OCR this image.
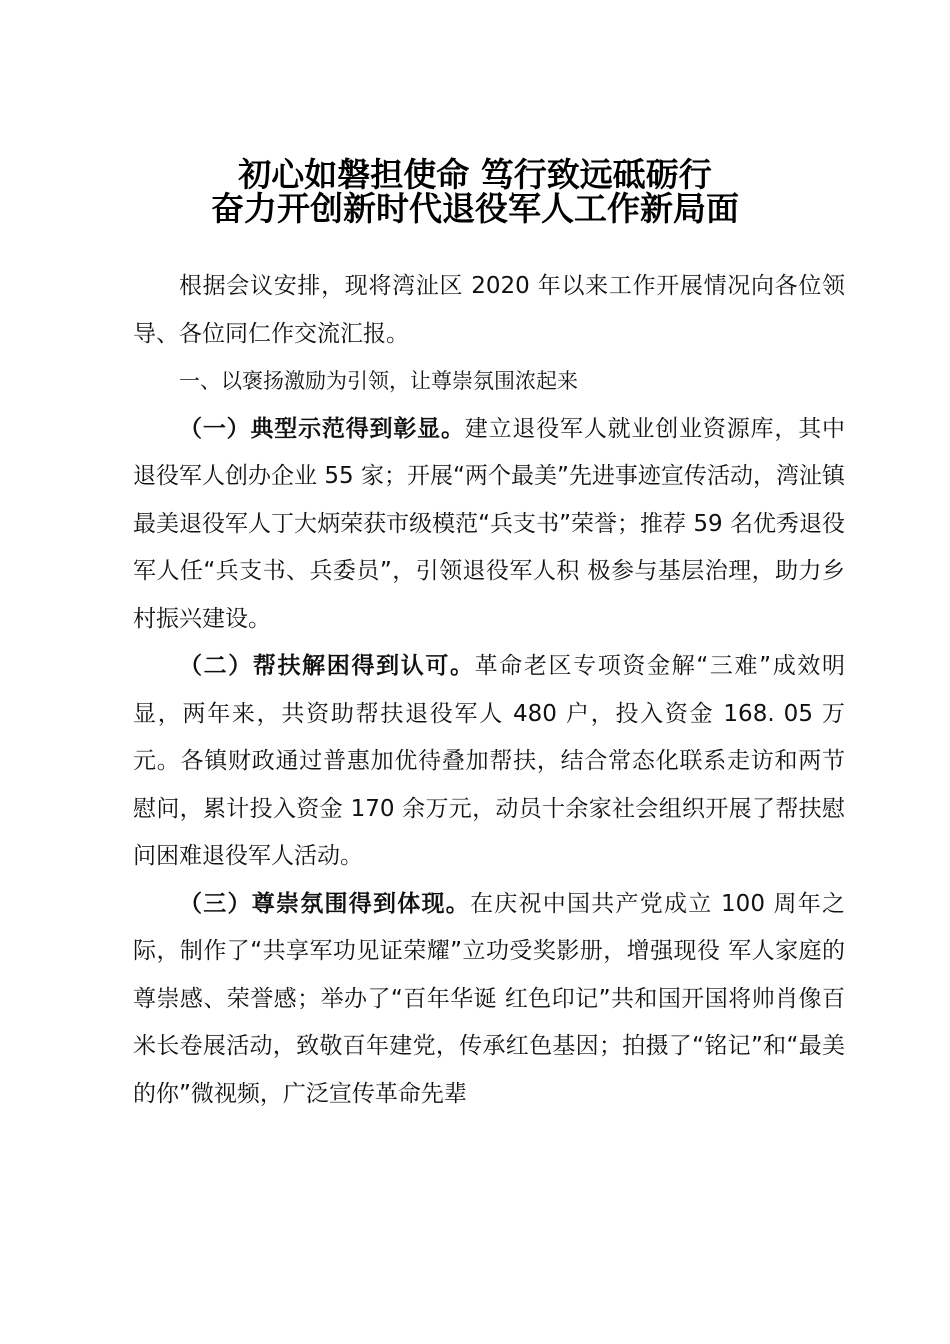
初心如磐担使命 笃行致远砥砺行
奋力开创新时代退役军人工作新局面

根据会议安排，现将湾沚区 2020 年以来工作开展情况向各位领导、各位同仁作交流汇报。

一、以褒扬激励为引领，让尊崇氛围浓起来

（一）典型示范得到彰显。建立退役军人就业创业资源库，其中退役军人创办企业 55 家；开展“两个最美”先进事迹宣传活动，湾沚镇最美退役军人丁大炳荣获市级模范“兵支书”荣誉；推荐 59 名优秀退役军人任“兵支书、兵委员”，引领退役军人积 极参与基层治理，助力乡村振兴建设。

（二）帮扶解困得到认可。革命老区专项资金解“三难”成效明显，两年来，共资助帮扶退役军人 480 户，投入资金 168. 05 万元。各镇财政通过普惠加优待叠加帮扶，结合常态化联系走访和两节慰问，累计投入资金 170 余万元，动员十余家社会组织开展了帮扶慰问困难退役军人活动。

（三）尊崇氛围得到体现。在庆祝中国共产党成立 100 周年之际，制作了“共享军功见证荣耀”立功受奖影册，增强现役 军人家庭的尊崇感、荣誉感；举办了“百年华诞 红色印记”共和国开国将帅肖像百米长卷展活动，致敬百年建党，传承红色基因；拍摄了“铭记”和“最美的你”微视频，广泛宣传革命先辈
